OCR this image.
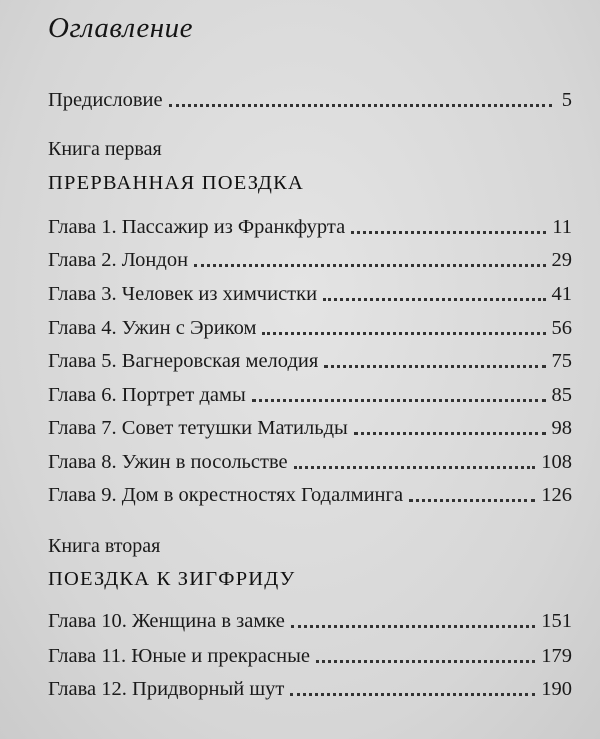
Оглавление
Предисловие	5
Книга первая
ПРЕРВАННАЯ ПОЕЗДКА
Глава 1. Пассажир из Франкфурта	11
Глава 2. Лондон	29
Глава 3. Человек из химчистки	41
Глава 4. Ужин с Эриком	56
Глава 5. Вагнеровская мелодия	75
Глава 6. Портрет дамы	85
Глава 7. Совет тетушки Матильды	98
Глава 8. Ужин в посольстве	108
Глава 9. Дом в окрестностях Годалминга	126
Книга вторая
ПОЕЗДКА К ЗИГФРИДУ
Глава 10. Женщина в замке	151
Глава 11. Юные и прекрасные	179
Глава 12. Придворный шут	190
